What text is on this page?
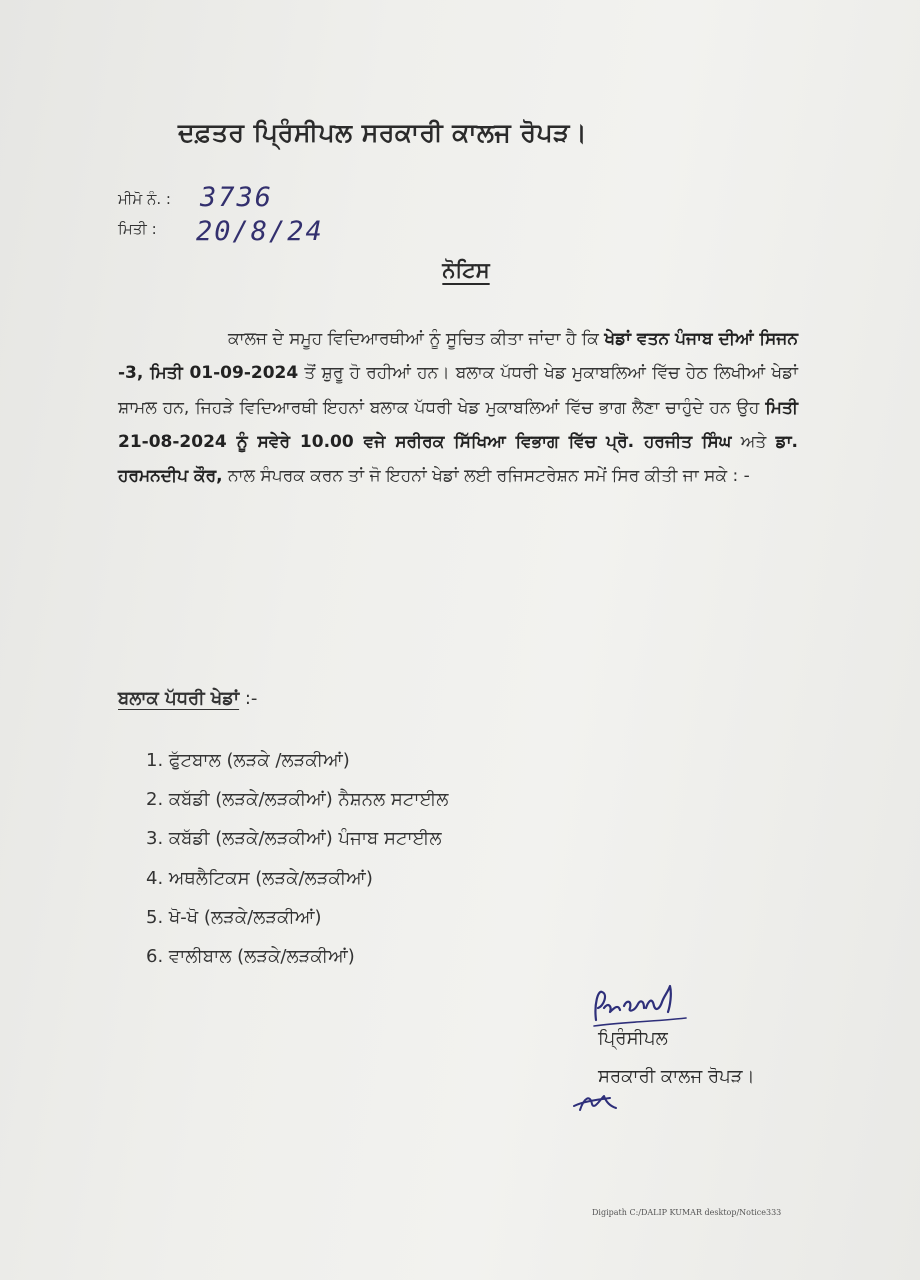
ਦਫ਼ਤਰ ਪ੍ਰਿੰਸੀਪਲ ਸਰਕਾਰੀ ਕਾਲਜ ਰੋਪੜ।
ਮੀਮੋ ਨੰ. : 3736
ਮਿਤੀ :	20/8/24
ਨੋਟਿਸ
ਕਾਲਜ ਦੇ ਸਮੂਹ ਵਿਦਿਆਰਥੀਆਂ ਨੂੰ ਸੂਚਿਤ ਕੀਤਾ ਜਾਂਦਾ ਹੈ ਕਿ ਖੇਡਾਂ ਵਤਨ ਪੰਜਾਬ ਦੀਆਂ ਸਿਜਨ -3, ਮਿਤੀ 01-09-2024 ਤੋਂ ਸ਼ੁਰੂ ਹੋ ਰਹੀਆਂ ਹਨ। ਬਲਾਕ ਪੱਧਰੀ ਖੇਡ ਮੁਕਾਬਲਿਆਂ ਵਿੱਚ ਹੇਠ ਲਿਖੀਆਂ ਖੇਡਾਂ ਸ਼ਾਮਲ ਹਨ, ਜਿਹੜੇ ਵਿਦਿਆਰਥੀ ਇਹਨਾਂ ਬਲਾਕ ਪੱਧਰੀ ਖੇਡ ਮੁਕਾਬਲਿਆਂ ਵਿੱਚ ਭਾਗ ਲੈਣਾ ਚਾਹੁੰਦੇ ਹਨ ਉਹ ਮਿਤੀ 21-08-2024 ਨੂੰ ਸਵੇਰੇ 10.00 ਵਜੇ ਸਰੀਰਕ ਸਿੱਖਿਆ ਵਿਭਾਗ ਵਿੱਚ ਪ੍ਰੋ. ਹਰਜੀਤ ਸਿੰਘ ਅਤੇ ਡਾ. ਹਰਮਨਦੀਪ ਕੌਰ, ਨਾਲ ਸੰਪਰਕ ਕਰਨ ਤਾਂ ਜੋ ਇਹਨਾਂ ਖੇਡਾਂ ਲਈ ਰਜਿਸਟਰੇਸ਼ਨ ਸਮੇਂ ਸਿਰ ਕੀਤੀ ਜਾ ਸਕੇ : -
ਬਲਾਕ ਪੱਧਰੀ ਖੇਡਾਂ :-
1. ਫੁੱਟਬਾਲ (ਲੜਕੇ /ਲੜਕੀਆਂ)
2. ਕਬੱਡੀ (ਲੜਕੇ/ਲੜਕੀਆਂ) ਨੈਸ਼ਨਲ ਸਟਾਈਲ
3. ਕਬੱਡੀ (ਲੜਕੇ/ਲੜਕੀਆਂ) ਪੰਜਾਬ ਸਟਾਈਲ
4. ਅਥਲੈਟਿਕਸ (ਲੜਕੇ/ਲੜਕੀਆਂ)
5. ਖੋ-ਖੋ (ਲੜਕੇ/ਲੜਕੀਆਂ)
6. ਵਾਲੀਬਾਲ (ਲੜਕੇ/ਲੜਕੀਆਂ)
ਪ੍ਰਿੰਸੀਪਲ
ਸਰਕਾਰੀ ਕਾਲਜ ਰੋਪੜ।
Digipath C:/DALIP KUMAR desktop/Notice333
